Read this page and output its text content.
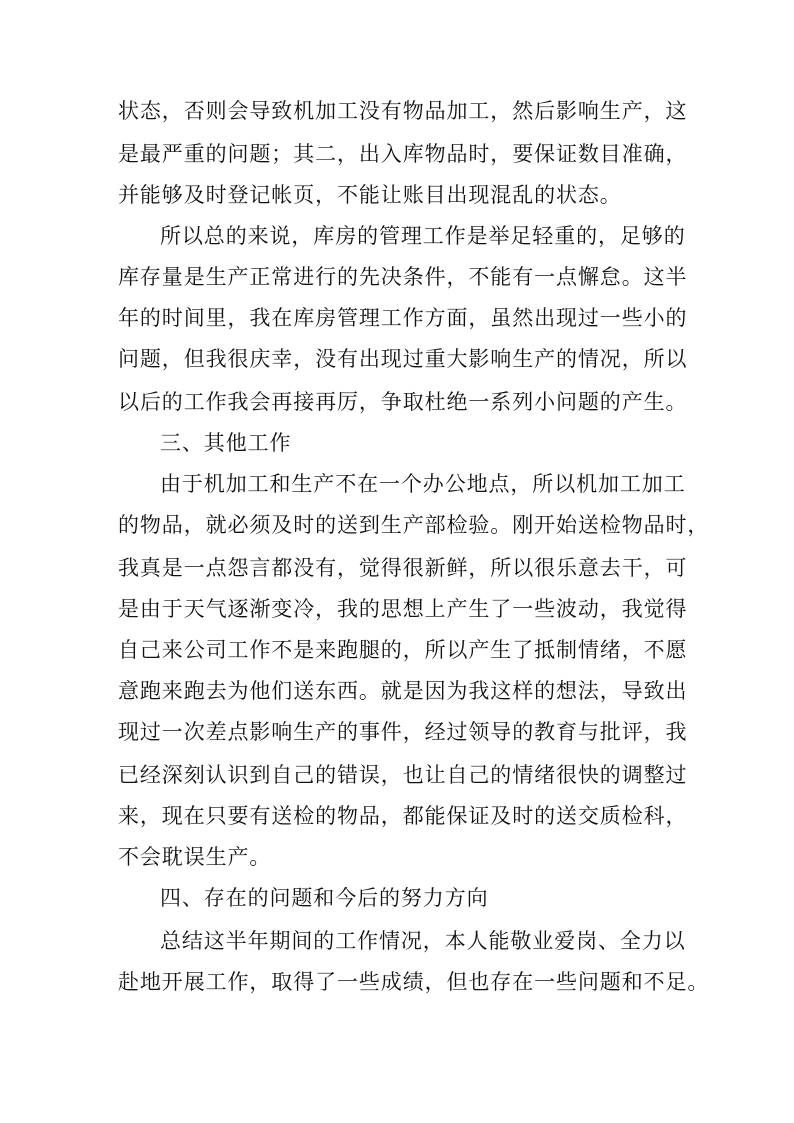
状态，否则会导致机加工没有物品加工，然后影响生产，这
是最严重的问题；其二，出入库物品时，要保证数目准确，
并能够及时登记帐页，不能让账目出现混乱的状态。
所以总的来说，库房的管理工作是举足轻重的，足够的
库存量是生产正常进行的先决条件，不能有一点懈怠。这半
年的时间里，我在库房管理工作方面，虽然出现过一些小的
问题，但我很庆幸，没有出现过重大影响生产的情况，所以
以后的工作我会再接再厉，争取杜绝一系列小问题的产生。
三、其他工作
由于机加工和生产不在一个办公地点，所以机加工加工
的物品，就必须及时的送到生产部检验。刚开始送检物品时，
我真是一点怨言都没有，觉得很新鲜，所以很乐意去干，可
是由于天气逐渐变冷，我的思想上产生了一些波动，我觉得
自己来公司工作不是来跑腿的，所以产生了抵制情绪，不愿
意跑来跑去为他们送东西。就是因为我这样的想法，导致出
现过一次差点影响生产的事件，经过领导的教育与批评，我
已经深刻认识到自己的错误，也让自己的情绪很快的调整过
来，现在只要有送检的物品，都能保证及时的送交质检科，
不会耽误生产。
四、存在的问题和今后的努力方向
总结这半年期间的工作情况，本人能敬业爱岗、全力以
赴地开展工作，取得了一些成绩，但也存在一些问题和不足。
